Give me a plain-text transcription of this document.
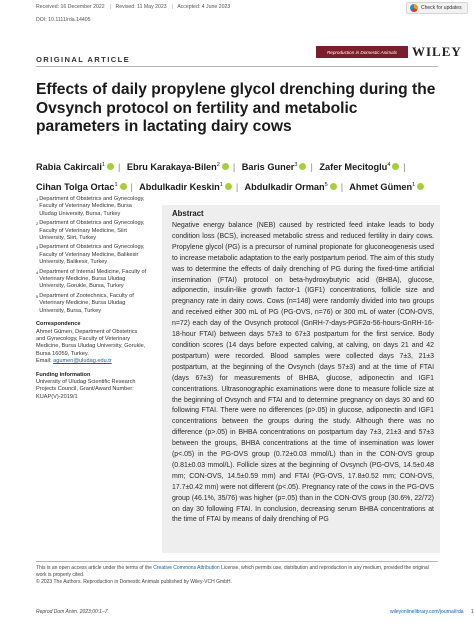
Received: 16 December 2022 | Revised: 11 May 2023 | Accepted: 4 June 2023
DOI: 10.1111/rda.14405
Check for updates
ORIGINAL ARTICLE
Reproduction in Domestic Animals	WILEY
Effects of daily propylene glycol drenching during the Ovsynch protocol on fertility and metabolic parameters in lactating dairy cows
Rabia Cakircali$^1$ | Ebru Karakaya-Bilen$^2$ | Baris Guner$^3$ | Zafer Mecitoglu$^4$ |
Cihan Tolga Ortac$^1$ | Abdulkadir Keskin$^1$ | Abdulkadir Orman$^5$ | Ahmet Gümen$^1$
1 Department of Obstetrics and Gynecology, Faculty of Veterinary Medicine, Bursa Uludag University, Bursa, Turkey
2 Department of Obstetrics and Gynecology, Faculty of Veterinary Medicine, Siirt University, Siirt, Turkey
3 Department of Obstetrics and Gynecology, Faculty of Veterinary Medicine, Balikesir University, Balikesir, Turkey
4 Department of Internal Medicine, Faculty of Veterinary Medicine, Bursa Uludag University, Gorukle, Bursa, Turkey
5 Department of Zootechnics, Faculty of Veterinary Medicine, Bursa Uludag University, Bursa, Turkey
Correspondence
Ahmet Gümen, Department of Obstetrics and Gynecology, Faculty of Veterinary Medicine, Bursa Uludag University, Gorukle, Bursa 16059, Turkey.
Email: agumen@uludag.edu.tr
Funding information
University of Uludag Scientific Research Projects Council, Grant/Award Number: KUAP(V)-2019/1
Abstract

Negative energy balance (NEB) caused by restricted feed intake leads to body condition loss (BCS), increased metabolic stress and reduced fertility in dairy cows. Propylene glycol (PG) is a precursor of ruminal propionate for gluconeogenesis used to increase metabolic adaptation to the early postpartum period. The aim of this study was to determine the effects of daily drenching of PG during the fixed-time artificial insemination (FTAI) protocol on beta-hydroxybutyric acid (BHBA), glucose, adiponectin, insulin-like growth factor-1 (IGF1) concentrations, follicle size and pregnancy rate in dairy cows. Cows (n=148) were randomly divided into two groups and received either 300 mL of PG (PG-OVS, n=76) or 300 mL of water (CON-OVS, n=72) each day of the Ovsynch protocol (GnRH-7-days-PGF2α-56-hours-GnRH-16-18-hour FTAI) between days 57±3 to 67±3 postpartum for the first service. Body condition scores (14 days before expected calving, at calving, on days 21 and 42 postpartum) were recorded. Blood samples were collected days 7±3, 21±3 postpartum, at the beginning of the Ovsynch (days 57±3) and at the time of FTAI (days 67±3) for measurements of BHBA, glucose, adiponectin and IGF1 concentrations. Ultrasonographic examinations were done to measure follicle size at the beginning of Ovsynch and FTAI and to determine pregnancy on days 30 and 60 following FTAI. There were no differences (p>.05) in glucose, adiponectin and IGF1 concentrations between the groups during the study. Although there was no difference (p>.05) in BHBA concentrations on postpartum day 7±3, 21±3 and 57±3 between the groups, BHBA concentrations at the time of insemination was lower (p<.05) in the PG-OVS group (0.72±0.03 mmol/L) than in the CON-OVS group (0.81±0.03 mmol/L). Follicle sizes at the beginning of Ovsynch (PG-OVS, 14.5±0.48 mm; CON-OVS, 14.5±0.59 mm) and FTAI (PG-OVS, 17.8±0.52 mm; CON-OVS, 17.7±0.42 mm) were not different (p<.05). Pregnancy rate of the cows in the PG-OVS group (46.1%, 35/76) was higher (p=.05) than in the CON-OVS group (30.6%, 22/72) on day 30 following FTAI. In conclusion, decreasing serum BHBA concentrations at the time of FTAI by means of daily drenching of PG

This is an open access article under the terms of the Creative Commons Attribution License, which permits use, distribution and reproduction in any medium, provided the original work is properly cited.
© 2023 The Authors. Reproduction in Domestic Animals published by Wiley-VCH GmbH.
Reprod Dom Anim. 2023;00:1–7.	wileyonlinelibrary.com/journal/rda 1
